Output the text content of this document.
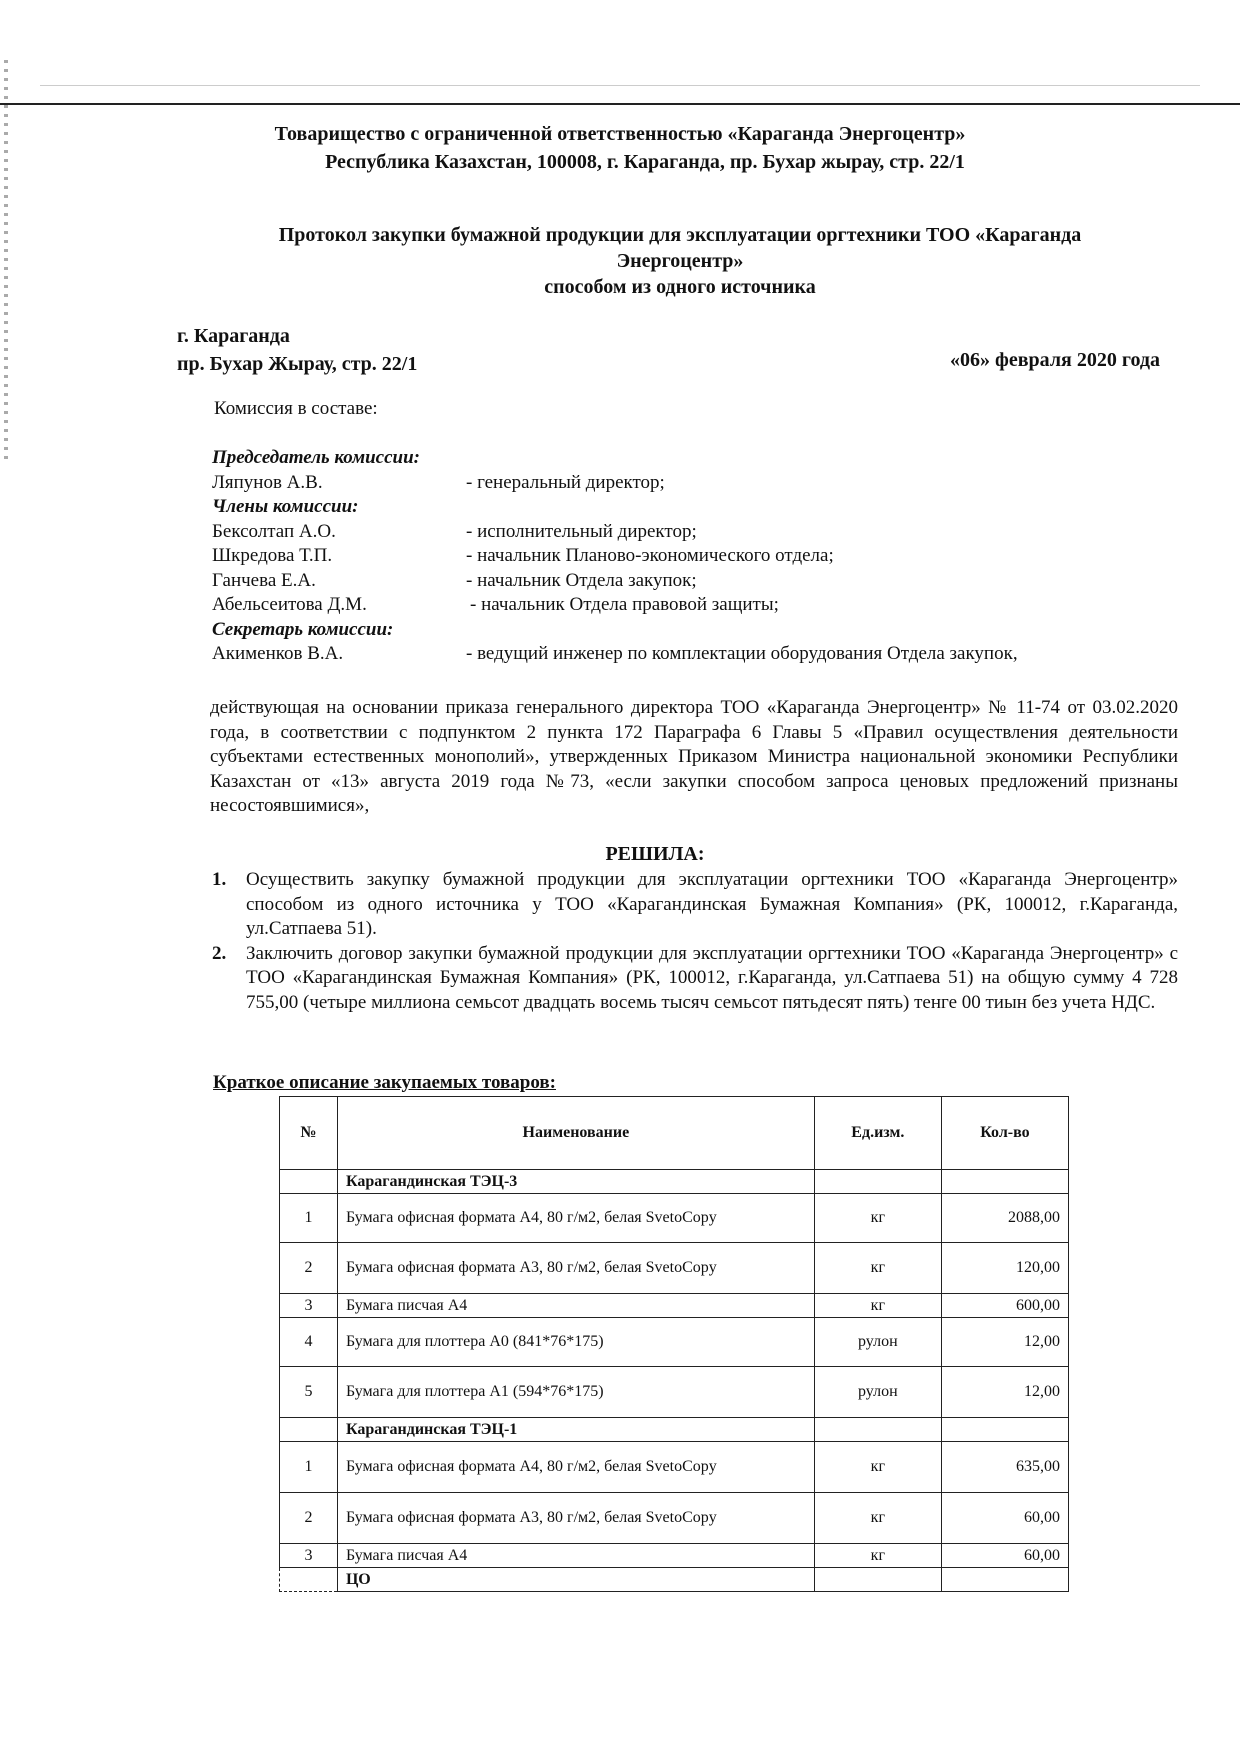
Товарищество с ограниченной ответственностью «Караганда Энергоцентр»
Республика Казахстан, 100008, г. Караганда, пр. Бухар жырау, стр. 22/1
Протокол закупки бумажной продукции для эксплуатации оргтехники ТОО «Караганда
Энергоцентр»
способом из одного источника
г. Караганда
пр. Бухар Жырау, стр. 22/1	«06» февраля 2020 года
Комиссия в составе:
Председатель комиссии:
Ляпунов А.В.	- генеральный директор;
Члены комиссии:
Бексолтап А.О.	- исполнительный директор;
Шкредова Т.П.	- начальник Планово-экономического отдела;
Ганчева Е.А.	- начальник Отдела закупок;
Абельсеитова Д.М.	- начальник Отдела правовой защиты;
Секретарь комиссии:
Акименков В.А.	- ведущий инженер по комплектации оборудования Отдела закупок,
действующая на основании приказа генерального директора ТОО «Караганда Энергоцентр» № 11-74 от 03.02.2020 года, в соответствии с подпунктом 2 пункта 172 Параграфа 6 Главы 5 «Правил осуществления деятельности субъектами естественных монополий», утвержденных Приказом Министра национальной экономики Республики Казахстан от «13» августа 2019 года №73, «если закупки способом запроса ценовых предложений признаны несостоявшимися»,
РЕШИЛА:
1. Осуществить закупку бумажной продукции для эксплуатации оргтехники ТОО «Караганда Энергоцентр» способом из одного источника у ТОО «Карагандинская Бумажная Компания» (РК, 100012, г.Караганда, ул.Сатпаева 51).
2. Заключить договор закупки бумажной продукции для эксплуатации оргтехники ТОО «Караганда Энергоцентр» с ТОО «Карагандинская Бумажная Компания» (РК, 100012, г.Караганда, ул.Сатпаева 51) на общую сумму 4 728 755,00 (четыре миллиона семьсот двадцать восемь тысяч семьсот пятьдесят пять) тенге 00 тиын без учета НДС.
Краткое описание закупаемых товаров:
№	Наименование	Ед.изм.	Кол-во
	Карагандинская ТЭЦ-3		
1	Бумага офисная формата А4, 80 г/м2, белая SvetoCopy	кг	2088,00
2	Бумага офисная формата А3, 80 г/м2, белая SvetoCopy	кг	120,00
3	Бумага писчая А4	кг	600,00
4	Бумага для плоттера А0 (841*76*175)	рулон	12,00
5	Бумага для плоттера А1 (594*76*175)	рулон	12,00
	Карагандинская ТЭЦ-1		
1	Бумага офисная формата А4, 80 г/м2, белая SvetoCopy	кг	635,00
2	Бумага офисная формата А3, 80 г/м2, белая SvetoCopy	кг	60,00
3	Бумага писчая А4	кг	60,00
	ЦО		
